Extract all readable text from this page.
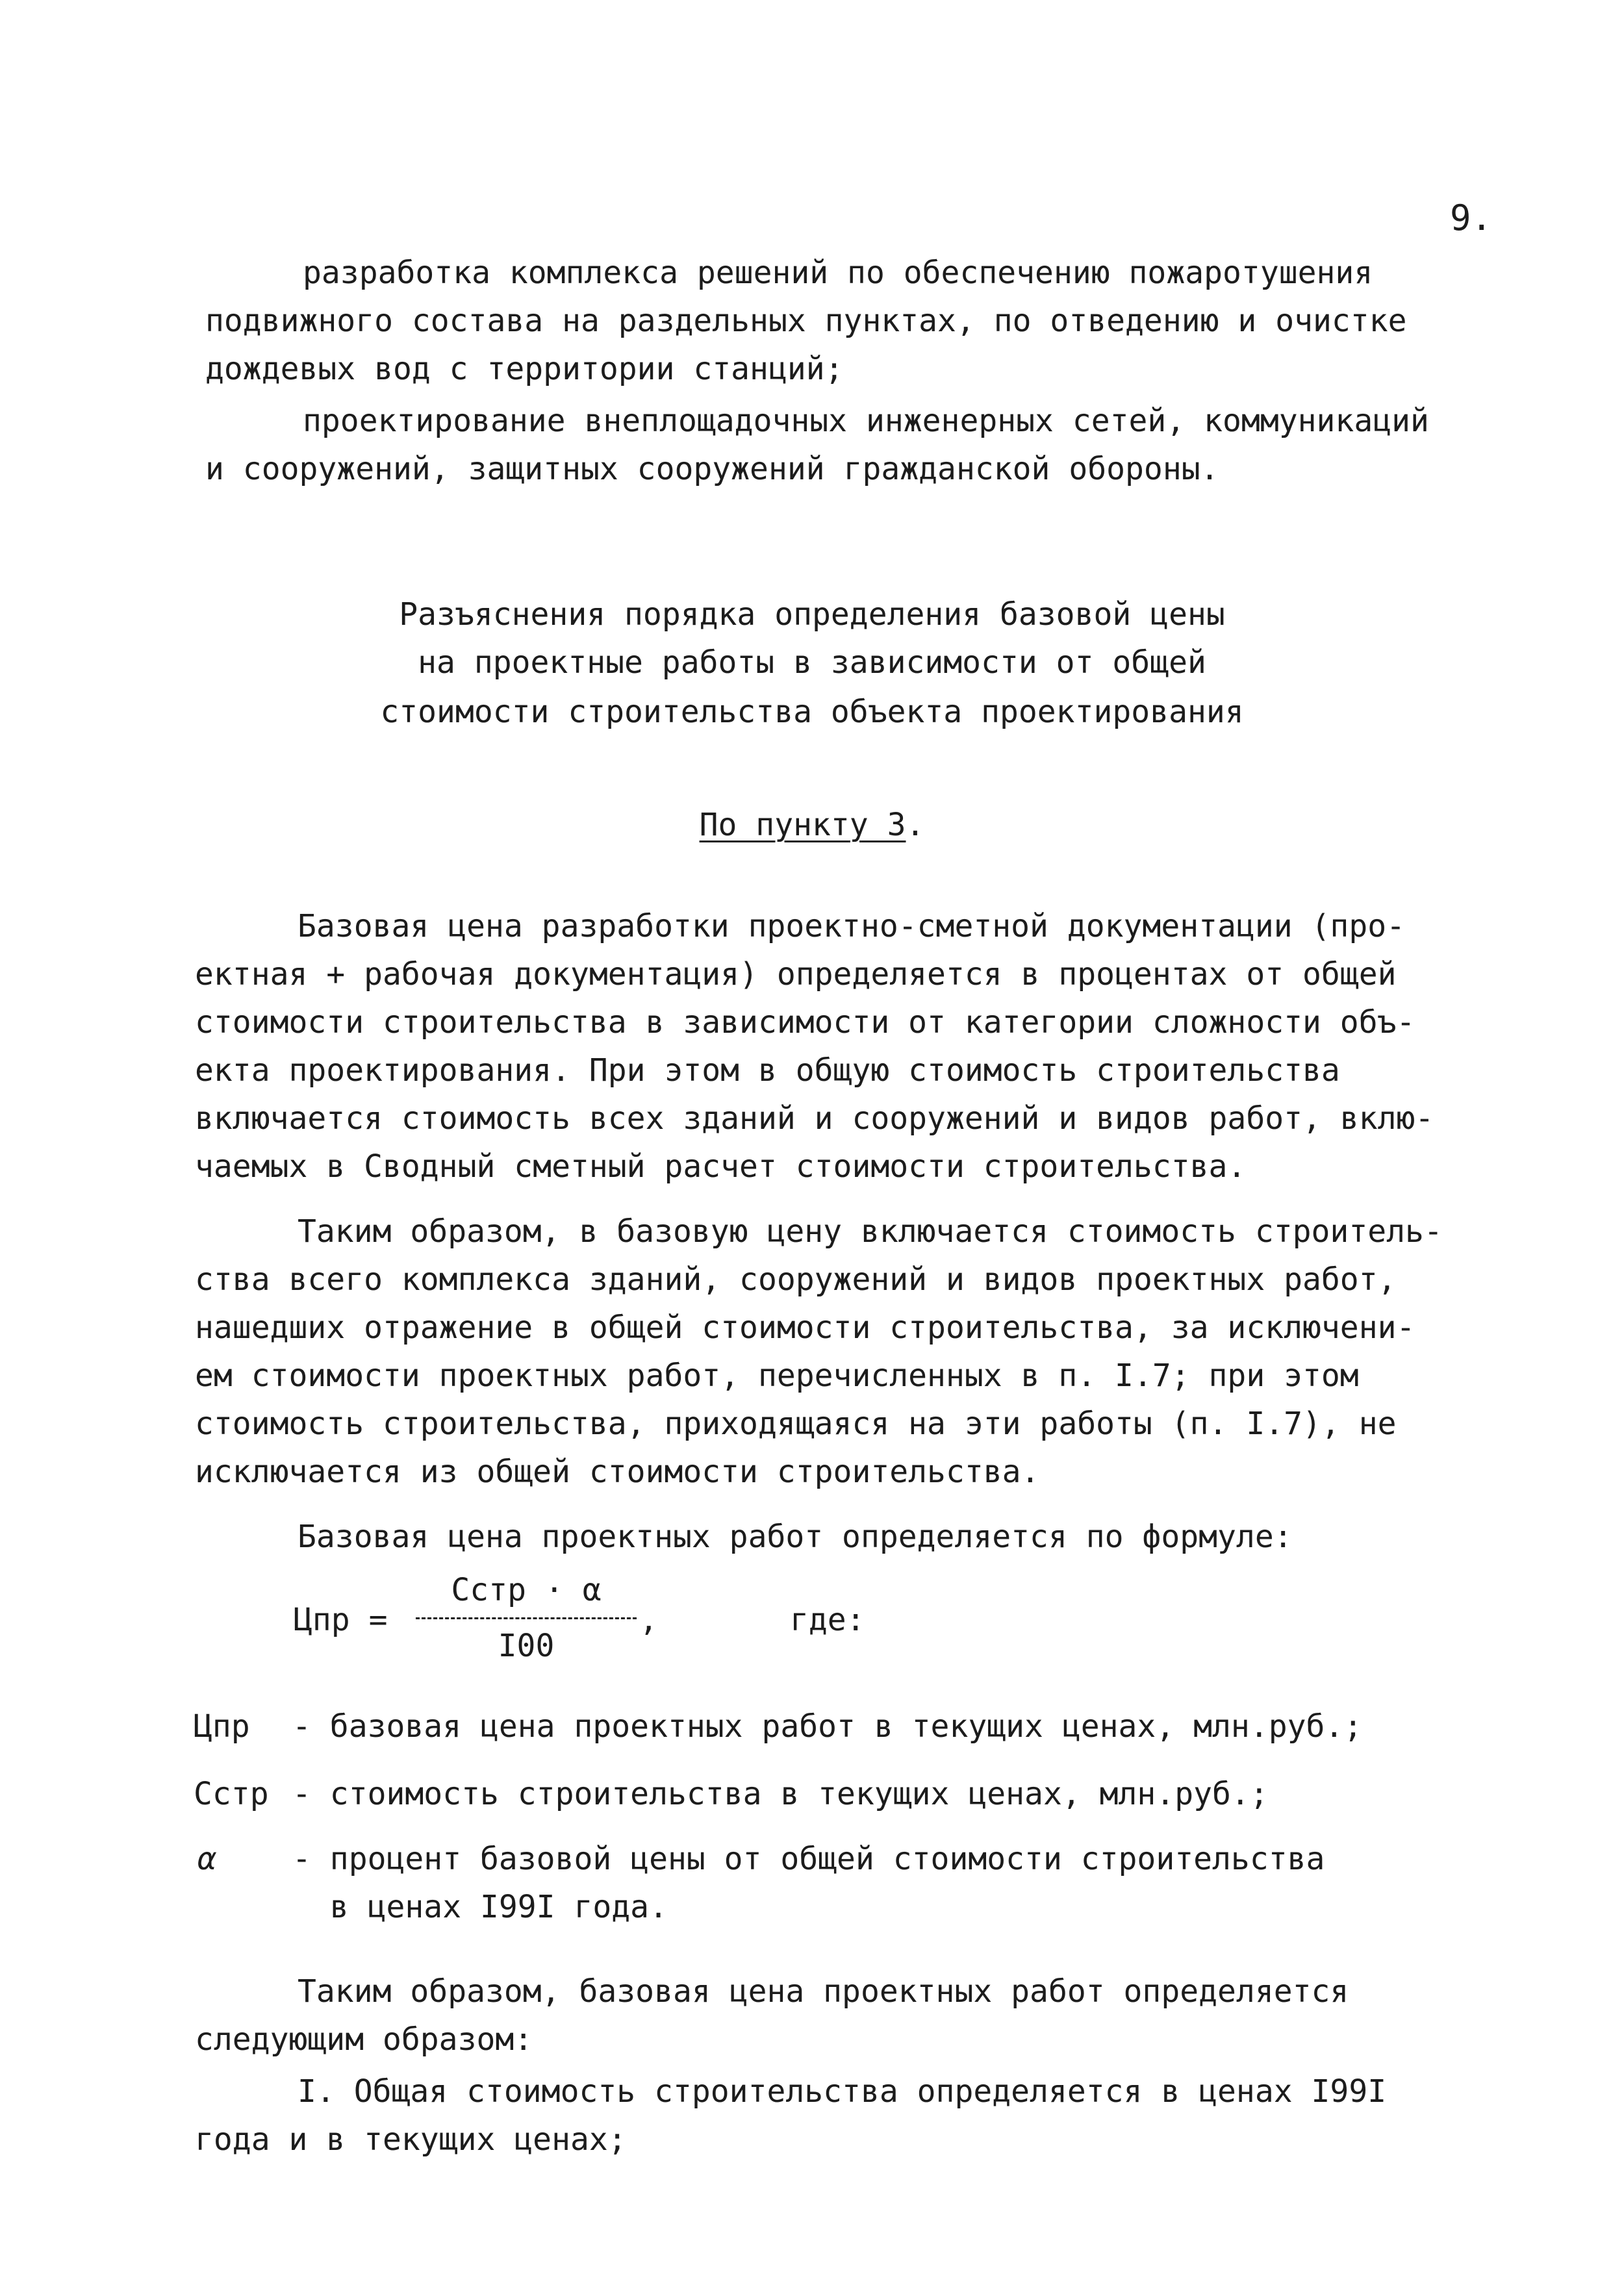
9.
разработка комплекса решений по обеспечению пожаротушения
подвижного состава на раздельных пунктах, по отведению и очистке
дождевых вод с территории станций;
проектирование внеплощадочных инженерных сетей, коммуникаций
и сооружений, защитных сооружений гражданской обороны.
Разъяснения порядка определения базовой цены
на проектные работы в зависимости от общей
стоимости строительства объекта проектирования
По пункту 3.
Базовая цена разработки проектно-сметной документации (про-
ектная + рабочая документация) определяется в процентах от общей
стоимости строительства в зависимости от категории сложности объ-
екта проектирования. При этом в общую стоимость строительства
включается стоимость всех зданий и сооружений и видов работ, вклю-
чаемых в Сводный сметный расчет стоимости строительства.
Таким образом, в базовую цену включается стоимость строитель-
ства всего комплекса зданий, сооружений и видов проектных работ,
нашедших отражение в общей стоимости строительства, за исключени-
ем стоимости проектных работ, перечисленных в п. I.7; при этом
стоимость строительства, приходящаяся на эти работы (п. I.7), не
исключается из общей стоимости строительства.
Базовая цена проектных работ определяется по формуле:
Цпр =
Сстр · α
I00
,	где:
Цпр - базовая цена проектных работ в текущих ценах, млн.руб.;
Сстр - стоимость строительства в текущих ценах, млн.руб.;
α - процент базовой цены от общей стоимости строительства
в ценах I99I года.
Таким образом, базовая цена проектных работ определяется
следующим образом:
I. Общая стоимость строительства определяется в ценах I99I
года и в текущих ценах;
